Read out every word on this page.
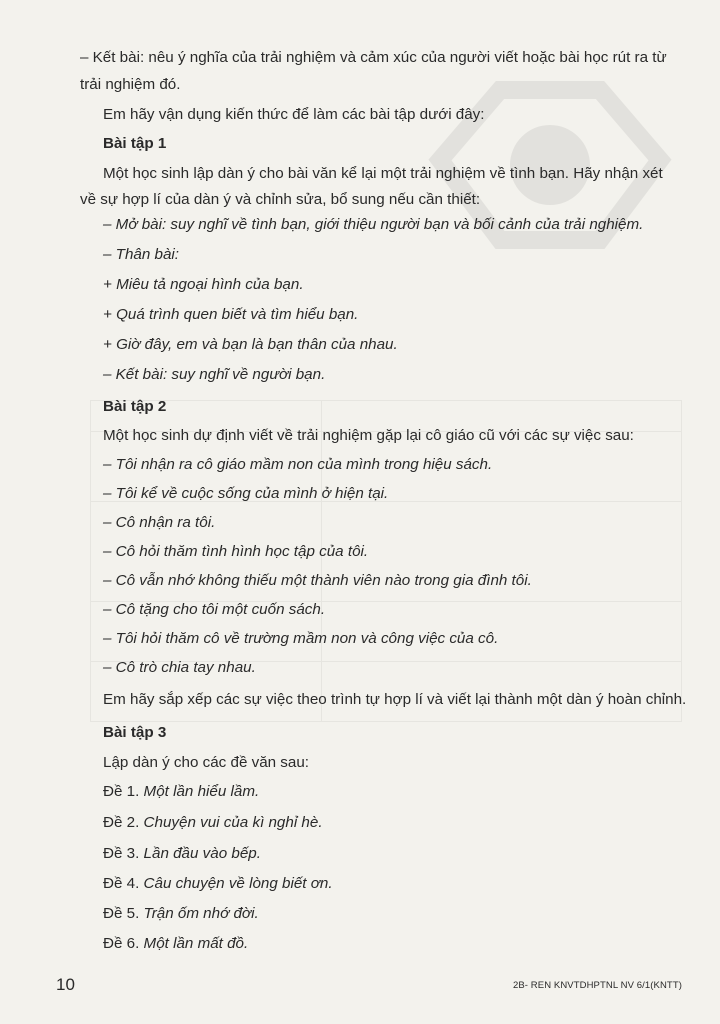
– Kết bài: nêu ý nghĩa của trải nghiệm và cảm xúc của người viết hoặc bài học rút ra từ
trải nghiệm đó.
Em hãy vận dụng kiến thức để làm các bài tập dưới đây:
Bài tập 1
Một học sinh lập dàn ý cho bài văn kể lại một trải nghiệm về tình bạn. Hãy nhận xét về sự hợp lí của dàn ý và chỉnh sửa, bổ sung nếu cần thiết:
– Mở bài: suy nghĩ về tình bạn, giới thiệu người bạn và bối cảnh của trải nghiệm.
– Thân bài:
+ Miêu tả ngoại hình của bạn.
+ Quá trình quen biết và tìm hiểu bạn.
+ Giờ đây, em và bạn là bạn thân của nhau.
– Kết bài: suy nghĩ về người bạn.
Bài tập 2
Một học sinh dự định viết về trải nghiệm gặp lại cô giáo cũ với các sự việc sau:
– Tôi nhận ra cô giáo mầm non của mình trong hiệu sách.
– Tôi kể về cuộc sống của mình ở hiện tại.
– Cô nhận ra tôi.
– Cô hỏi thăm tình hình học tập của tôi.
– Cô vẫn nhớ không thiếu một thành viên nào trong gia đình tôi.
– Cô tặng cho tôi một cuốn sách.
– Tôi hỏi thăm cô về trường mầm non và công việc của cô.
– Cô trò chia tay nhau.
Em hãy sắp xếp các sự việc theo trình tự hợp lí và viết lại thành một dàn ý hoàn chỉnh.
Bài tập 3
Lập dàn ý cho các đề văn sau:
Đề 1. Một lần hiểu lầm.
Đề 2. Chuyện vui của kì nghỉ hè.
Đề 3. Lần đầu vào bếp.
Đề 4. Câu chuyện về lòng biết ơn.
Đề 5. Trận ốm nhớ đời.
Đề 6. Một lần mất đồ.
10	2B- REN KNVTDHPTNL NV 6/1(KNTT)
